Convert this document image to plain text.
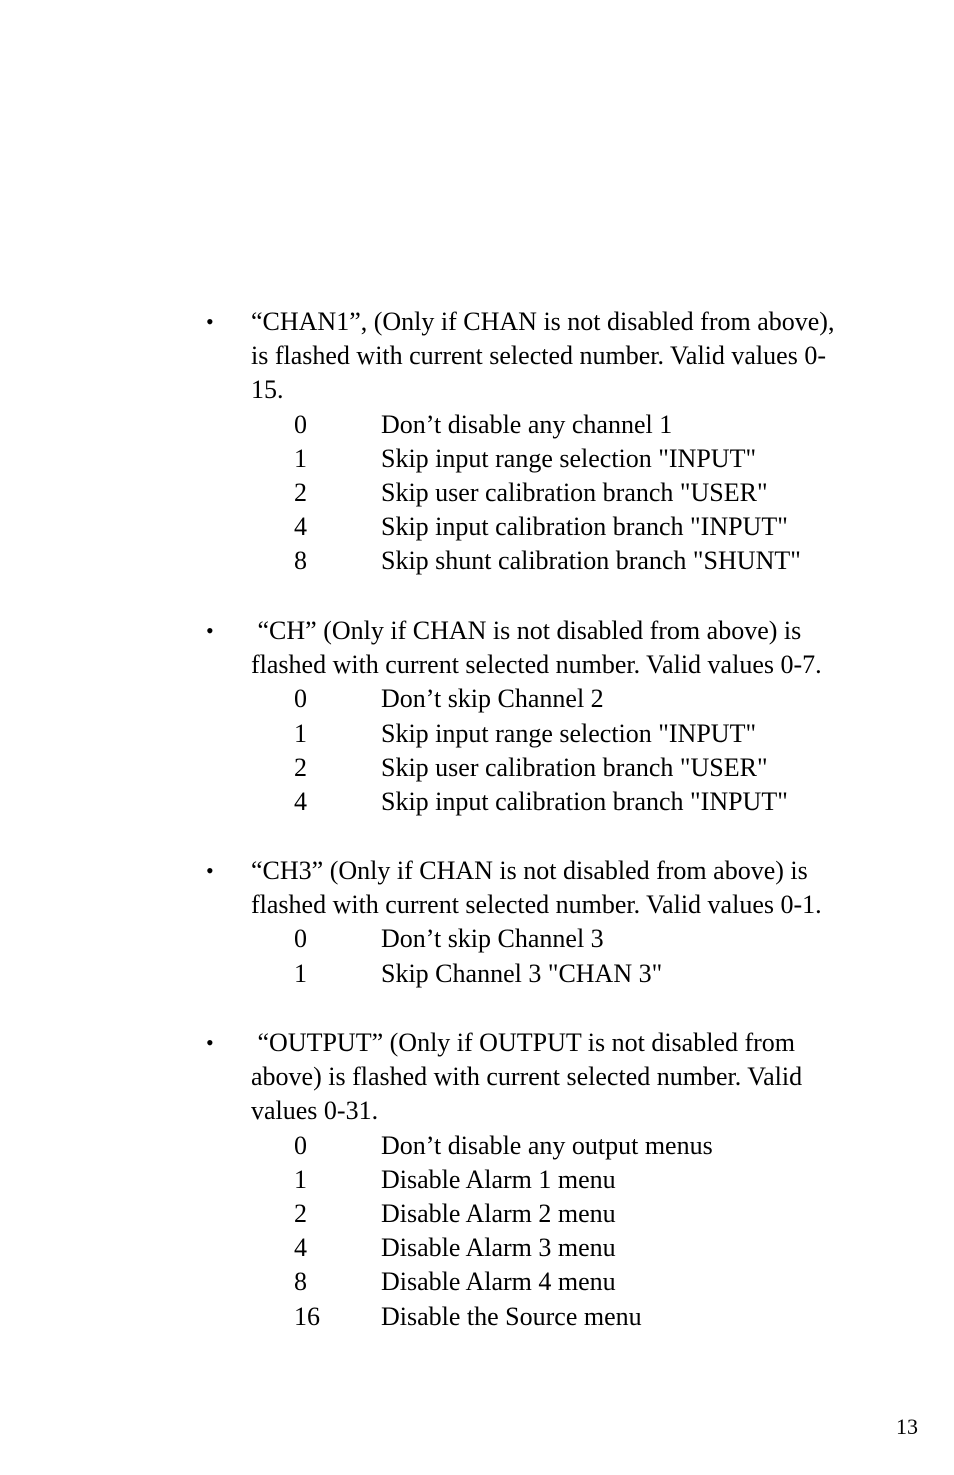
• “CHAN1”, (Only if CHAN is not disabled from above),
is flashed with current selected number. Valid values 0-
15.
0	Don’t disable any channel 1
1	Skip input range selection "INPUT"
2	Skip user calibration branch "USER"
4	Skip input calibration branch "INPUT"
8	Skip shunt calibration branch "SHUNT"
• “CH” (Only if CHAN is not disabled from above) is
flashed with current selected number. Valid values 0-7.
0	Don’t skip Channel 2
1	Skip input range selection "INPUT"
2	Skip user calibration branch "USER"
4	Skip input calibration branch "INPUT"
• “CH3” (Only if CHAN is not disabled from above) is
flashed with current selected number. Valid values 0-1.
0	Don’t skip Channel 3
1	Skip Channel 3 "CHAN 3"
• “OUTPUT” (Only if OUTPUT is not disabled from
above) is flashed with current selected number. Valid
values 0-31.
0	Don’t disable any output menus
1	Disable Alarm 1 menu
2	Disable Alarm 2 menu
4	Disable Alarm 3 menu
8	Disable Alarm 4 menu
16 Disable the Source menu
13
